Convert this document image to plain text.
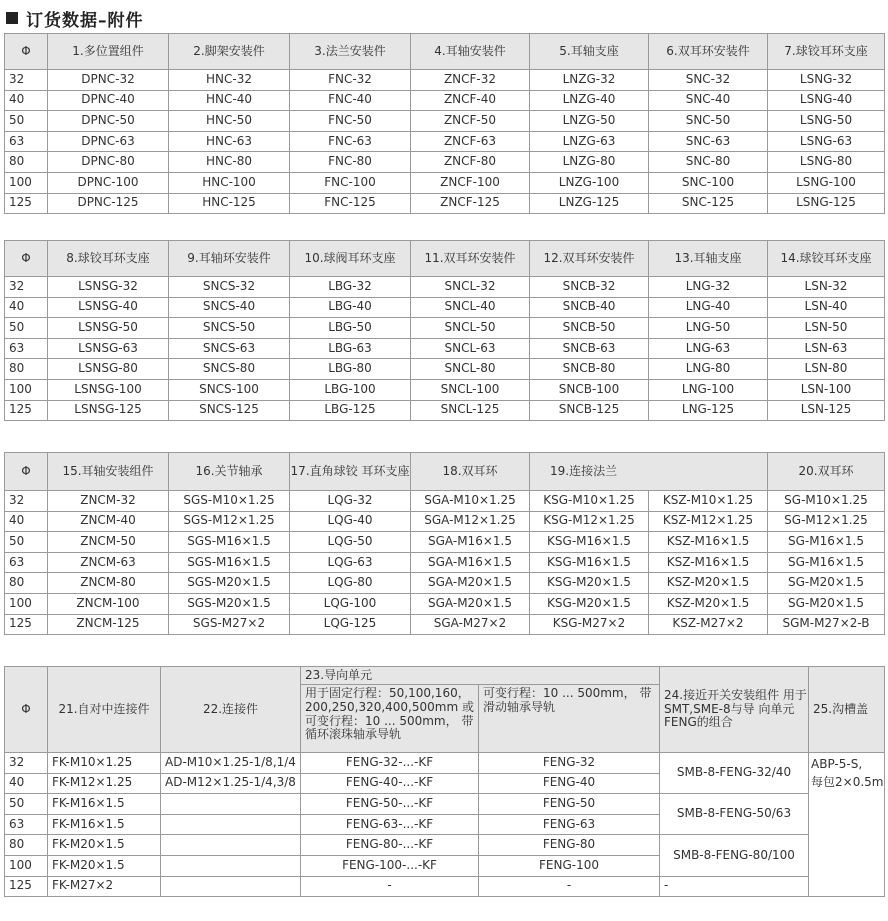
订货数据–附件
Φ	1.多位置组件	2.脚架安装件	3.法兰安装件	4.耳轴安装件	5.耳轴支座	6.双耳环安装件	7.球铰耳环支座
32	DPNC-32	HNC-32	FNC-32	ZNCF-32	LNZG-32	SNC-32	LSNG-32
40	DPNC-40	HNC-40	FNC-40	ZNCF-40	LNZG-40	SNC-40	LSNG-40
50	DPNC-50	HNC-50	FNC-50	ZNCF-50	LNZG-50	SNC-50	LSNG-50
63	DPNC-63	HNC-63	FNC-63	ZNCF-63	LNZG-63	SNC-63	LSNG-63
80	DPNC-80	HNC-80	FNC-80	ZNCF-80	LNZG-80	SNC-80	LSNG-80
100	DPNC-100	HNC-100	FNC-100	ZNCF-100	LNZG-100	SNC-100	LSNG-100
125	DPNC-125	HNC-125	FNC-125	ZNCF-125	LNZG-125	SNC-125	LSNG-125
Φ	8.球铰耳环支座	9.耳轴环安装件	10.球阀耳环支座	11.双耳环安装件	12.双耳环安装件	13.耳轴支座	14.球铰耳环支座
32	LSNSG-32	SNCS-32	LBG-32	SNCL-32	SNCB-32	LNG-32	LSN-32
40	LSNSG-40	SNCS-40	LBG-40	SNCL-40	SNCB-40	LNG-40	LSN-40
50	LSNSG-50	SNCS-50	LBG-50	SNCL-50	SNCB-50	LNG-50	LSN-50
63	LSNSG-63	SNCS-63	LBG-63	SNCL-63	SNCB-63	LNG-63	LSN-63
80	LSNSG-80	SNCS-80	LBG-80	SNCL-80	SNCB-80	LNG-80	LSN-80
100	LSNSG-100	SNCS-100	LBG-100	SNCL-100	SNCB-100	LNG-100	LSN-100
125	LSNSG-125	SNCS-125	LBG-125	SNCL-125	SNCB-125	LNG-125	LSN-125
Φ	15.耳轴安装组件	16.关节轴承	17.直角球铰 耳环支座	18.双耳环	19.连接法兰		20.双耳环
32	ZNCM-32	SGS-M10×1.25	LQG-32	SGA-M10×1.25	KSG-M10×1.25	KSZ-M10×1.25	SG-M10×1.25
40	ZNCM-40	SGS-M12×1.25	LQG-40	SGA-M12×1.25	KSG-M12×1.25	KSZ-M12×1.25	SG-M12×1.25
50	ZNCM-50	SGS-M16×1.5	LQG-50	SGA-M16×1.5	KSG-M16×1.5	KSZ-M16×1.5	SG-M16×1.5
63	ZNCM-63	SGS-M16×1.5	LQG-63	SGA-M16×1.5	KSG-M16×1.5	KSZ-M16×1.5	SG-M16×1.5
80	ZNCM-80	SGS-M20×1.5	LQG-80	SGA-M20×1.5	KSG-M20×1.5	KSZ-M20×1.5	SG-M20×1.5
100	ZNCM-100	SGS-M20×1.5	LQG-100	SGA-M20×1.5	KSG-M20×1.5	KSZ-M20×1.5	SG-M20×1.5
125	ZNCM-125	SGS-M27×2	LQG-125	SGA-M27×2	KSG-M27×2	KSZ-M27×2	SGM-M27×2-B
Φ	21.自对中连接件	22.连接件	23.导向单元		24.接近开关安装组件 用于SMT,SME-8与导 向单元FENG的组合	25.沟槽盖
			用于固定行程：50,100,160， 200,250,320,400,500mm 或可变行程：10 ... 500mm， 带循环滚珠轴承导轨	可变行程：10 ... 500mm， 带滑动轴承导轨		
32	FK-M10×1.25	AD-M10×1.25-1/8,1/4	FENG-32-...-KF	FENG-32	SMB-8-FENG-32/40	ABP-5-S,
每包2×0.5m
40	FK-M12×1.25	AD-M12×1.25-1/4,3/8	FENG-40-...-KF	FENG-40		
50	FK-M16×1.5		FENG-50-...-KF	FENG-50	SMB-8-FENG-50/63	
63	FK-M16×1.5		FENG-63-...-KF	FENG-63		
80	FK-M20×1.5		FENG-80-...-KF	FENG-80	SMB-8-FENG-80/100	
100	FK-M20×1.5		FENG-100-...-KF	FENG-100		
125	FK-M27×2		-	-	-	
